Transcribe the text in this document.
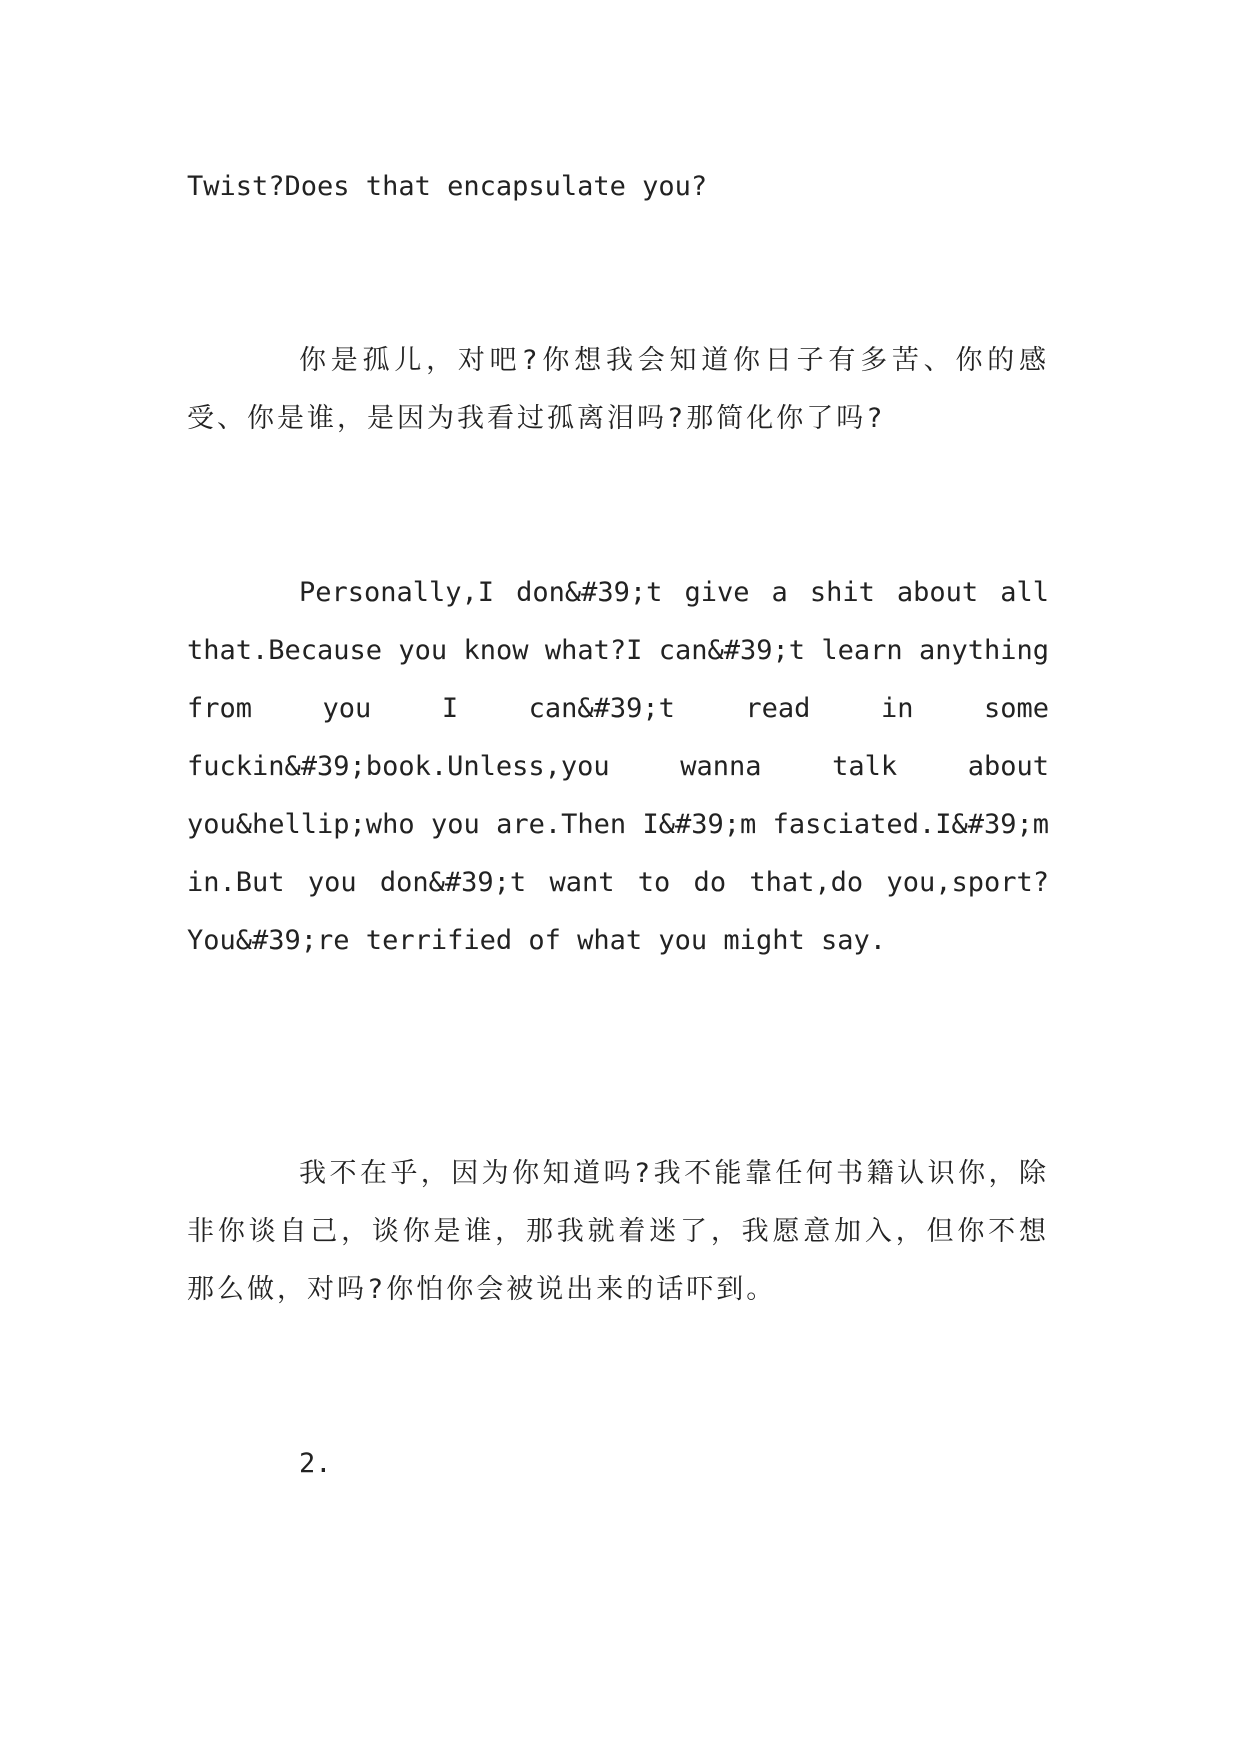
Twist?Does that encapsulate you?

你是孤儿，对吧?你想我会知道你日子有多苦、你的感受、你是谁，是因为我看过孤离泪吗?那简化你了吗?

Personally,I don&#39;t give a shit about all that.Because you know what?I can&#39;t learn anything from you I can&#39;t read in some fuckin&#39;book.Unless,you wanna talk about you&hellip;who you are.Then I&#39;m fasciated.I&#39;m in.But you don&#39;t want to do that,do you,sport?You&#39;re terrified of what you might say.

我不在乎，因为你知道吗?我不能靠任何书籍认识你，除非你谈自己，谈你是谁，那我就着迷了，我愿意加入，但你不想那么做，对吗?你怕你会被说出来的话吓到。

2.
